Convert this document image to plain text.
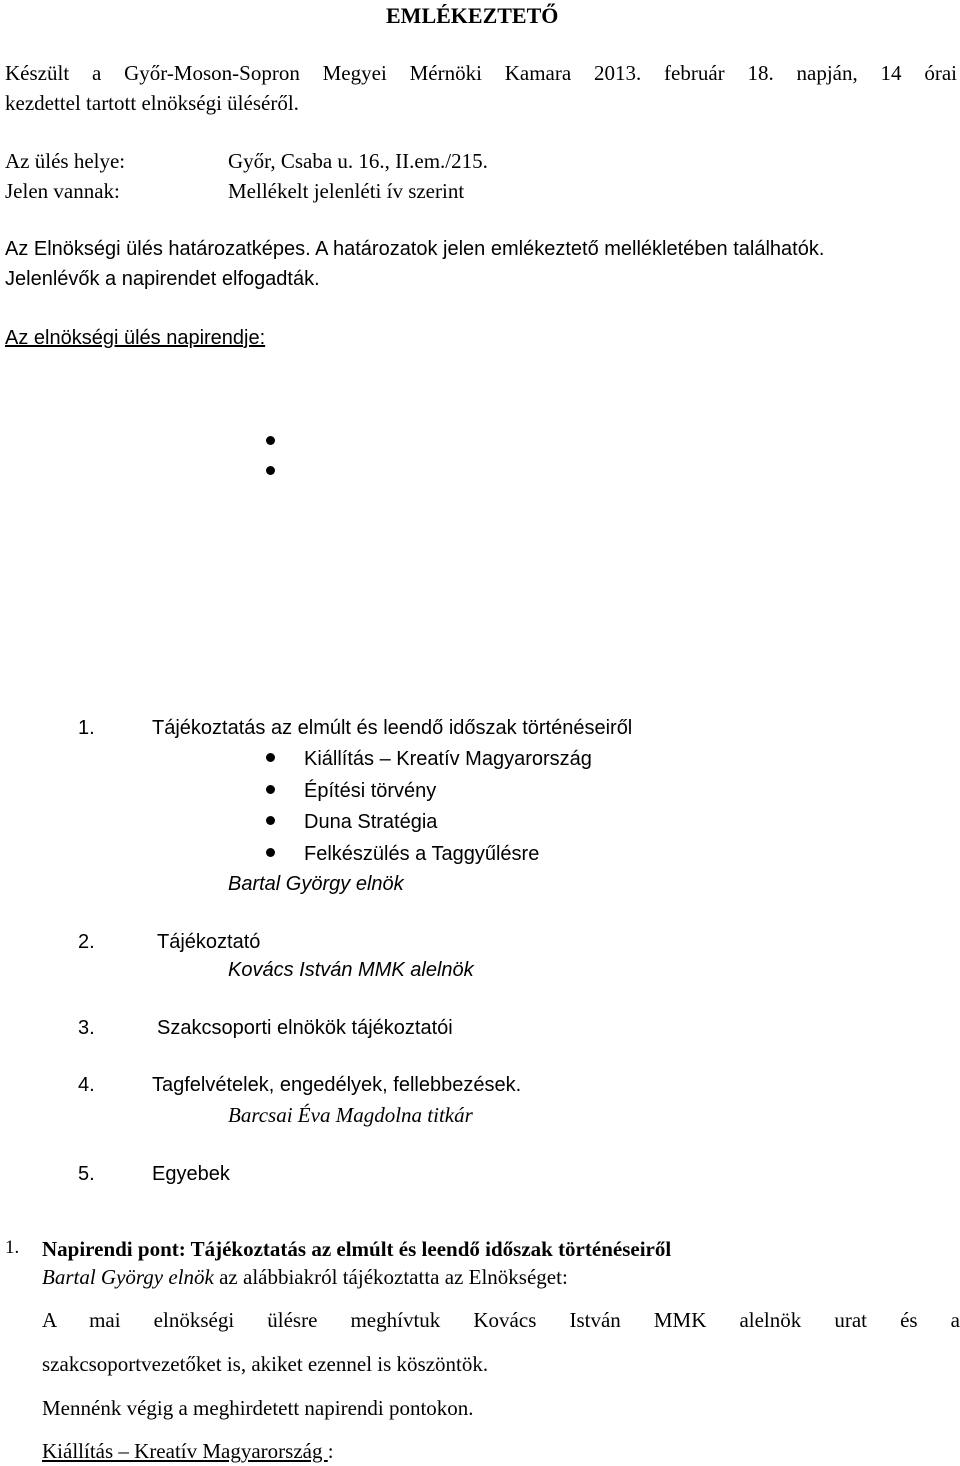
EMLÉKEZTETŐ
Készült a Győr-Moson-Sopron Megyei Mérnöki Kamara 2013. február 18. napján, 14 órai
kezdettel tartott elnökségi üléséről.
Az ülés helye:	Győr, Csaba u. 16., II.em./215.
Jelen vannak:	Mellékelt jelenléti ív szerint
Az Elnökségi ülés határozatképes. A határozatok jelen emlékeztető mellékletében találhatók.
Jelenlévők a napirendet elfogadták.
Az elnökségi ülés napirendje:
1.	Tájékoztatás az elmúlt és leendő időszak történéseiről
Kiállítás – Kreatív Magyarország
Építési törvény
Duna Stratégia
Felkészülés a Taggyűlésre
Bartal György elnök
2.	Tájékoztató
Kovács István MMK alelnök
3.	Szakcsoporti elnökök tájékoztatói
4.	Tagfelvételek, engedélyek, fellebbezések.
Barcsai Éva Magdolna titkár
5.	Egyebek
1. Napirendi pont: Tájékoztatás az elmúlt és leendő időszak történéseiről
Bartal György elnök az alábbiakról tájékoztatta az Elnökséget:
A mai elnökségi ülésre meghívtuk Kovács István MMK alelnök urat és a
szakcsoportvezetőket is, akiket ezennel is köszöntök.
Mennénk végig a meghirdetett napirendi pontokon.
Kiállítás – Kreatív Magyarország :
